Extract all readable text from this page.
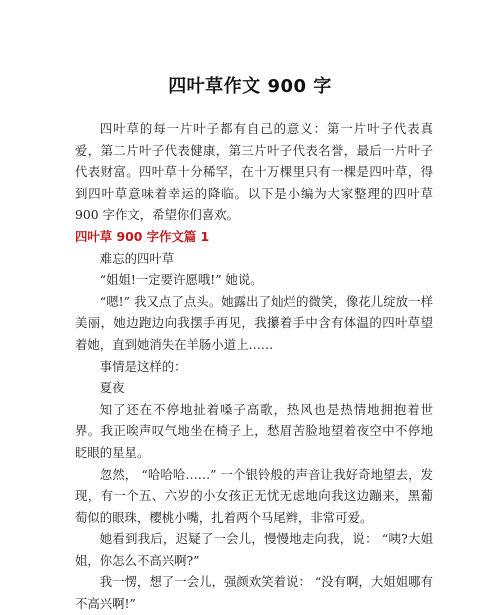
四叶草作文 900 字

四叶草的每一片叶子都有自己的意义：第一片叶子代表真爱，第二片叶子代表健康，第三片叶子代表名誉，最后一片叶子代表财富。四叶草十分稀罕，在十万棵里只有一棵是四叶草，得到四叶草意味着幸运的降临。以下是小编为大家整理的四叶草 900 字作文，希望你们喜欢。

四叶草 900 字作文篇 1

难忘的四叶草

“姐姐!一定要许愿哦!” 她说。

“嗯!” 我又点了点头。她露出了灿烂的微笑，像花儿绽放一样美丽，她边跑边向我摆手再见，我攥着手中含有体温的四叶草望着她，直到她消失在羊肠小道上……

事情是这样的：

夏夜

知了还在不停地扯着嗓子高歌，热风也是热情地拥抱着世界。我正唉声叹气地坐在椅子上，愁眉苦脸地望着夜空中不停地眨眼的星星。

忽然， “哈哈哈……” 一个银铃般的声音让我好奇地望去，发现，有一个五、六岁的小女孩正无忧无虑地向我这边蹦来，黑葡萄似的眼珠，樱桃小嘴，扎着两个马尾辫，非常可爱。

她看到我后，迟疑了一会儿，慢慢地走向我，说： “咦?大姐姐，你怎么不高兴啊?”

我一愣，想了一会儿，强颜欢笑着说： “没有啊，大姐姐哪有不高兴啊!”
